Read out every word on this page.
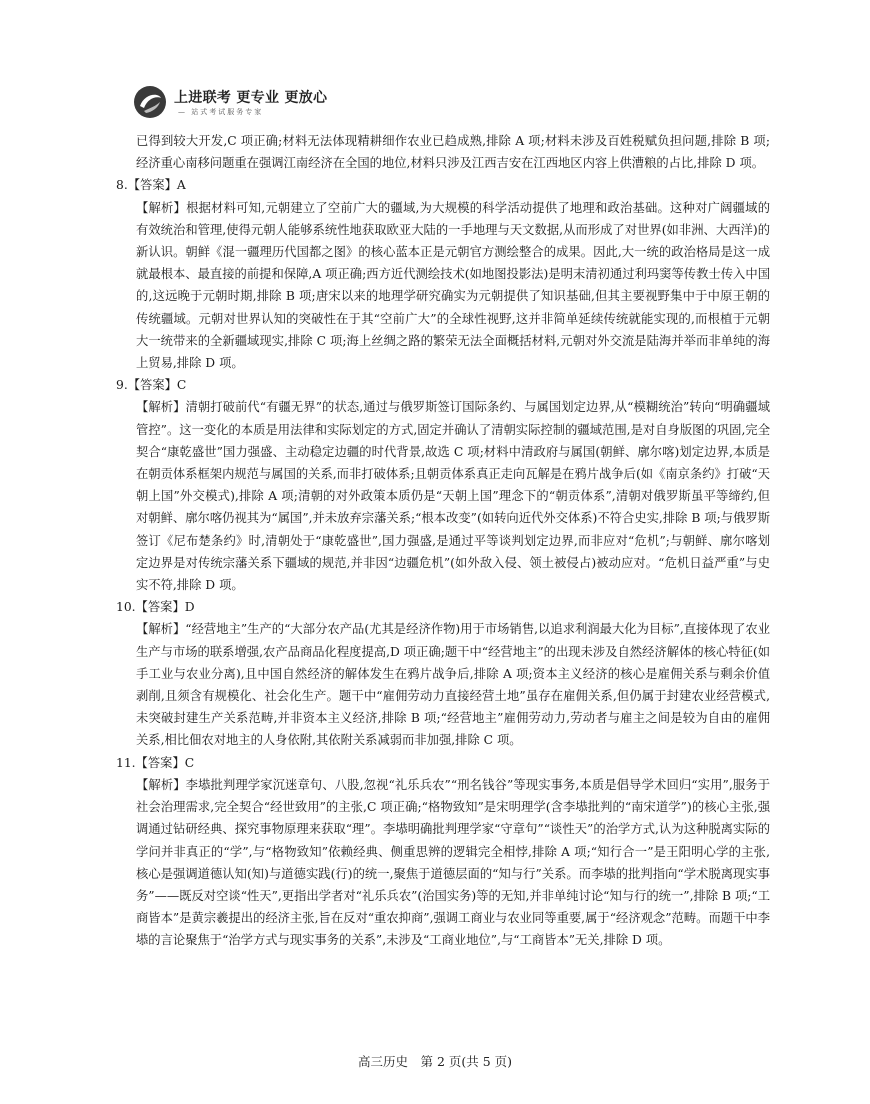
上进联考 更专业 更放心
— 站式考试服务专家

已得到较大开发,C 项正确;材料无法体现精耕细作农业已趋成熟,排除 A 项;材料未涉及百姓税赋负担问题,排除 B 项;经济重心南移问题重在强调江南经济在全国的地位,材料只涉及江西吉安在江西地区内容上供漕粮的占比,排除 D 项。

8.【答案】A

【解析】根据材料可知,元朝建立了空前广大的疆域,为大规模的科学活动提供了地理和政治基础。这种对广阔疆域的有效统治和管理,使得元朝人能够系统性地获取欧亚大陆的一手地理与天文数据,从而形成了对世界(如非洲、大西洋)的新认识。朝鲜《混一疆理历代国都之图》的核心蓝本正是元朝官方测绘整合的成果。因此,大一统的政治格局是这一成就最根本、最直接的前提和保障,A 项正确;西方近代测绘技术(如地图投影法)是明末清初通过利玛窦等传教士传入中国的,这远晚于元朝时期,排除 B 项;唐宋以来的地理学研究确实为元朝提供了知识基础,但其主要视野集中于中原王朝的传统疆域。元朝对世界认知的突破性在于其“空前广大”的全球性视野,这并非简单延续传统就能实现的,而根植于元朝大一统带来的全新疆域现实,排除 C 项;海上丝绸之路的繁荣无法全面概括材料,元朝对外交流是陆海并举而非单纯的海上贸易,排除 D 项。

9.【答案】C

【解析】清朝打破前代“有疆无界”的状态,通过与俄罗斯签订国际条约、与属国划定边界,从“模糊统治”转向“明确疆域管控”。这一变化的本质是用法律和实际划定的方式,固定并确认了清朝实际控制的疆域范围,是对自身版图的巩固,完全契合“康乾盛世”国力强盛、主动稳定边疆的时代背景,故选 C 项;材料中清政府与属国(朝鲜、廓尔喀)划定边界,本质是在朝贡体系框架内规范与属国的关系,而非打破体系;且朝贡体系真正走向瓦解是在鸦片战争后(如《南京条约》打破“天朝上国”外交模式),排除 A 项;清朝的对外政策本质仍是“天朝上国”理念下的“朝贡体系”,清朝对俄罗斯虽平等缔约,但对朝鲜、廓尔喀仍视其为“属国”,并未放弃宗藩关系;“根本改变”(如转向近代外交体系)不符合史实,排除 B 项;与俄罗斯签订《尼布楚条约》时,清朝处于“康乾盛世”,国力强盛,是通过平等谈判划定边界,而非应对“危机”;与朝鲜、廓尔喀划定边界是对传统宗藩关系下疆域的规范,并非因“边疆危机”(如外敌入侵、领土被侵占)被动应对。“危机日益严重”与史实不符,排除 D 项。

10.【答案】D

【解析】“经营地主”生产的“大部分农产品(尤其是经济作物)用于市场销售,以追求利润最大化为目标”,直接体现了农业生产与市场的联系增强,农产品商品化程度提高,D 项正确;题干中“经营地主”的出现未涉及自然经济解体的核心特征(如手工业与农业分离),且中国自然经济的解体发生在鸦片战争后,排除 A 项;资本主义经济的核心是雇佣关系与剩余价值剥削,且须含有规模化、社会化生产。题干中“雇佣劳动力直接经营土地”虽存在雇佣关系,但仍属于封建农业经营模式,未突破封建生产关系范畴,并非资本主义经济,排除 B 项;“经营地主”雇佣劳动力,劳动者与雇主之间是较为自由的雇佣关系,相比佃农对地主的人身依附,其依附关系减弱而非加强,排除 C 项。

11.【答案】C

【解析】李塨批判理学家沉迷章句、八股,忽视“礼乐兵农”“刑名钱谷”等现实事务,本质是倡导学术回归“实用”,服务于社会治理需求,完全契合“经世致用”的主张,C 项正确;“格物致知”是宋明理学(含李塨批判的“南宋道学”)的核心主张,强调通过钻研经典、探究事物原理来获取“理”。李塨明确批判理学家“守章句”“谈性天”的治学方式,认为这种脱离实际的学问并非真正的“学”,与“格物致知”依赖经典、侧重思辨的逻辑完全相悖,排除 A 项;“知行合一”是王阳明心学的主张,核心是强调道德认知(知)与道德实践(行)的统一,聚焦于道德层面的“知与行”关系。而李塨的批判指向“学术脱离现实事务”——既反对空谈“性天”,更指出学者对“礼乐兵农”(治国实务)等的无知,并非单纯讨论“知与行的统一”,排除 B 项;“工商皆本”是黄宗羲提出的经济主张,旨在反对“重农抑商”,强调工商业与农业同等重要,属于“经济观念”范畴。而题干中李塨的言论聚焦于“治学方式与现实事务的关系”,未涉及“工商业地位”,与“工商皆本”无关,排除 D 项。

高三历史　第 2 页(共 5 页)
